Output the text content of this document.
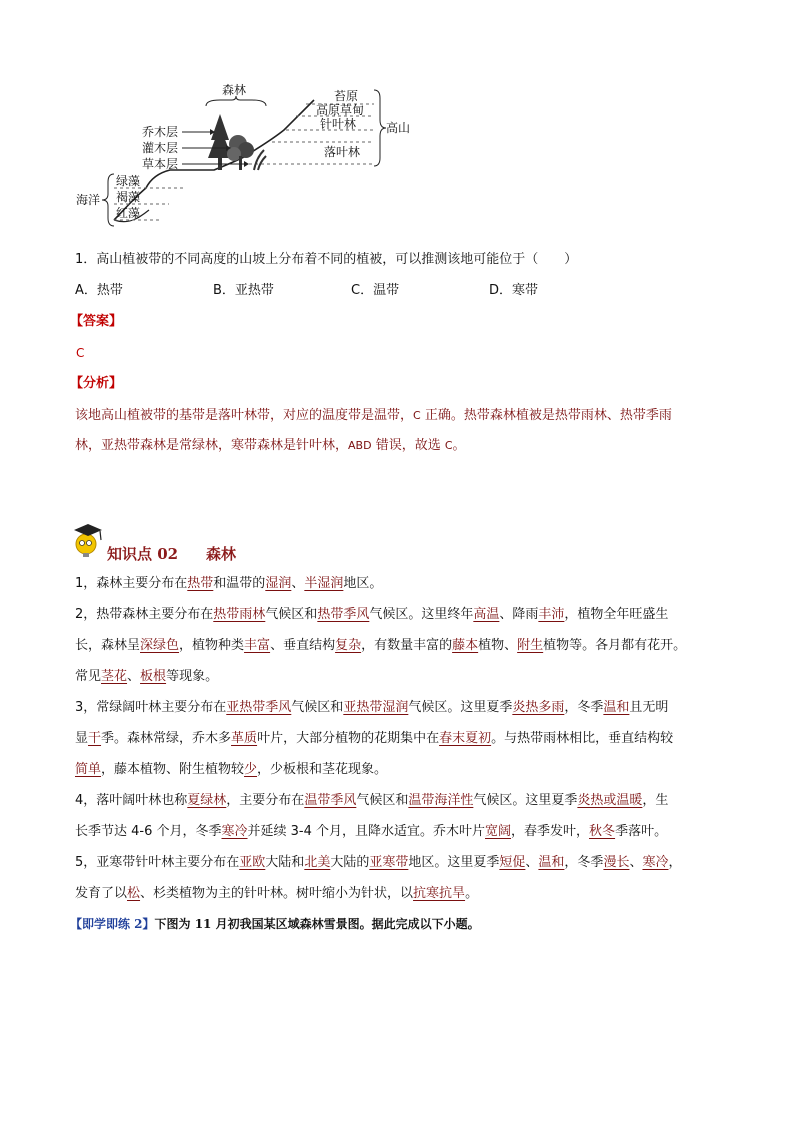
森林
乔木层
灌木层
草本层
海洋
绿藻
褐藻
红藻
苔原
高原草甸
针叶林
落叶林
高山
1．高山植被带的不同高度的山坡上分布着不同的植被，可以推测该地可能位于（　　）
A．热带	B．亚热带	C．温带	D．寒带
【答案】
C
【分析】
该地高山植被带的基带是落叶林带，对应的温度带是温带，C 正确。热带森林植被是热带雨林、热带季雨
林，亚热带森林是常绿林，寒带森林是针叶林，ABD 错误，故选 C。
知识点 02 森林
1，森林主要分布在热带和温带的湿润、半湿润地区。
2，热带森林主要分布在热带雨林气候区和热带季风气候区。这里终年高温、降雨丰沛，植物全年旺盛生
长，森林呈深绿色，植物种类丰富、垂直结构复杂，有数量丰富的藤本植物、附生植物等。各月都有花开。
常见茎花、板根等现象。
3，常绿阔叶林主要分布在亚热带季风气候区和亚热带湿润气候区。这里夏季炎热多雨，冬季温和且无明
显干季。森林常绿，乔木多革质叶片，大部分植物的花期集中在春末夏初。与热带雨林相比，垂直结构较
简单，藤本植物、附生植物较少，少板根和茎花现象。
4，落叶阔叶林也称夏绿林，主要分布在温带季风气候区和温带海洋性气候区。这里夏季炎热或温暖，生
长季节达 4-6 个月，冬季寒冷并延续 3-4 个月，且降水适宜。乔木叶片宽阔，春季发叶，秋冬季落叶。
5，亚寒带针叶林主要分布在亚欧大陆和北美大陆的亚寒带地区。这里夏季短促、温和，冬季漫长、寒冷，
发育了以松、杉类植物为主的针叶林。树叶缩小为针状，以抗寒抗旱。
【即学即练 2】下图为 11 月初我国某区域森林雪景图。据此完成以下小题。
